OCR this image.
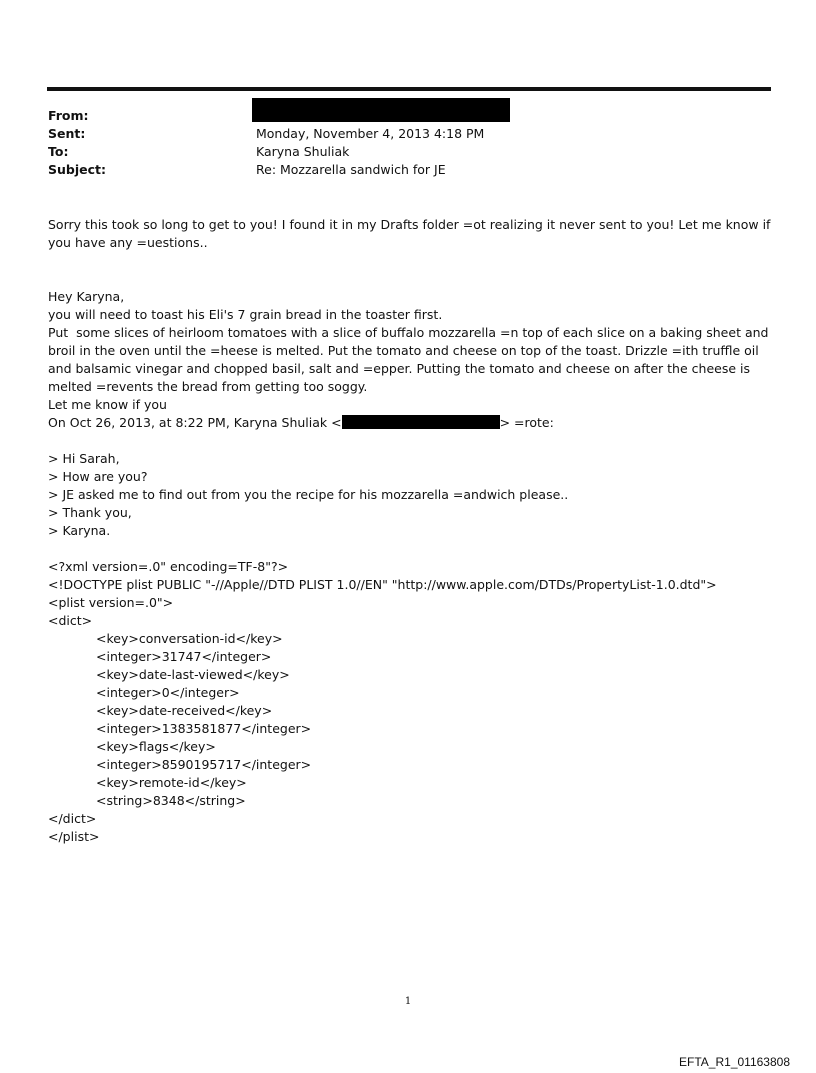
From:
Sent:	Monday, November 4, 2013 4:18 PM
To:	Karyna Shuliak
Subject:	Re: Mozzarella sandwich for JE

Sorry this took so long to get to you! I found it in my Drafts folder =ot realizing it never sent to you! Let me know if you have any =uestions..

Hey Karyna,

you will need to toast his Eli's 7 grain bread in the toaster first.

Put  some slices of heirloom tomatoes with a slice of buffalo mozzarella =n top of each slice on a baking sheet and broil in the oven until the =heese is melted. Put the tomato and cheese on top of the toast. Drizzle =ith truffle oil and balsamic vinegar and chopped basil, salt and =epper. Putting the tomato and cheese on after the cheese is melted =revents the bread from getting too soggy.

Let me know if you

On Oct 26, 2013, at 8:22 PM, Karyna Shuliak <	> =rote:

> Hi Sarah,

> How are you?

> JE asked me to find out from you the recipe for his mozzarella =andwich please..

> Thank you,

> Karyna.

<?xml version=.0" encoding=TF-8"?>

<!DOCTYPE plist PUBLIC "-//Apple//DTD PLIST 1.0//EN" "http://www.apple.com/DTDs/PropertyList-1.0.dtd">

<plist version=.0">

<dict>

<key>conversation-id</key>

<integer>31747</integer>

<key>date-last-viewed</key>

<integer>0</integer>

<key>date-received</key>

<integer>1383581877</integer>

<key>flags</key>

<integer>8590195717</integer>

<key>remote-id</key>

<string>8348</string>

</dict>

</plist>

1
EFTA_R1_01163808
